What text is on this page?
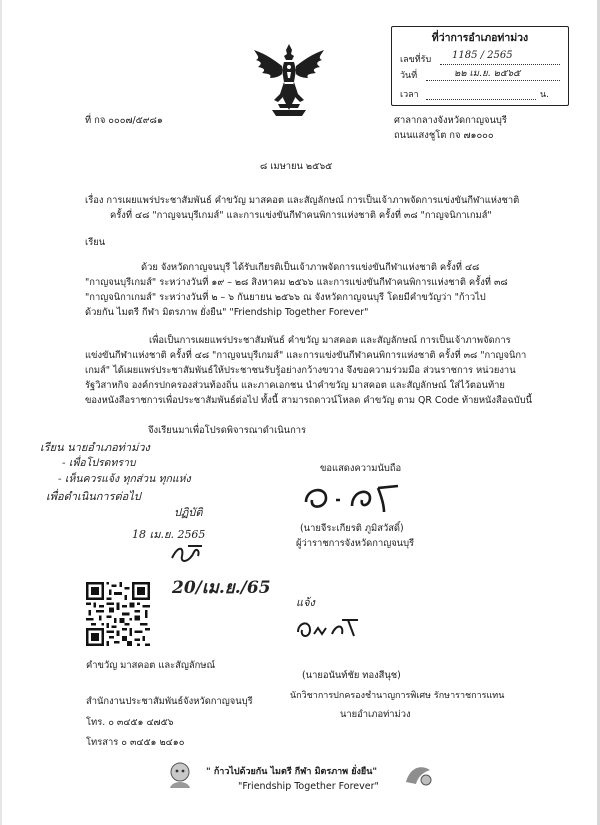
ที่ว่าการอำเภอท่าม่วง
เลขที่รับ 1185 / 2565
วันที่	๒๒ เม.ย. ๒๕๖๕
เวลา	น.
ที่ กจ ๐๐๐๗/๕๙๘๑	ศาลากลางจังหวัดกาญจนบุรี
ถนนแสงชูโต กจ ๗๑๐๐๐
๘ เมษายน ๒๕๖๕
เรื่อง การเผยแพร่ประชาสัมพันธ์ คำขวัญ มาสคอต และสัญลักษณ์ การเป็นเจ้าภาพจัดการแข่งขันกีฬาแห่งชาติ
ครั้งที่ ๔๘ "กาญจนบุรีเกมส์" และการแข่งขันกีฬาคนพิการแห่งชาติ ครั้งที่ ๓๘ "กาญจนิกาเกมส์"
เรียน
ด้วย จังหวัดกาญจนบุรี ได้รับเกียรติเป็นเจ้าภาพจัดการแข่งขันกีฬาแห่งชาติ ครั้งที่ ๔๘
"กาญจนบุรีเกมส์" ระหว่างวันที่ ๑๙ – ๒๘ สิงหาคม ๒๕๖๖ และการแข่งขันกีฬาคนพิการแห่งชาติ ครั้งที่ ๓๘
"กาญจนิกาเกมส์" ระหว่างวันที่ ๒ – ๖ กันยายน ๒๕๖๖ ณ จังหวัดกาญจนบุรี โดยมีคำขวัญว่า "ก้าวไป
ด้วยกัน ไมตรี กีฬา มิตรภาพ ยั่งยืน" "Friendship Together Forever"
เพื่อเป็นการเผยแพร่ประชาสัมพันธ์ คำขวัญ มาสคอต และสัญลักษณ์ การเป็นเจ้าภาพจัดการ
แข่งขันกีฬาแห่งชาติ ครั้งที่ ๔๘ "กาญจนบุรีเกมส์" และการแข่งขันกีฬาคนพิการแห่งชาติ ครั้งที่ ๓๘ "กาญจนิกา
เกมส์" ได้เผยแพร่ประชาสัมพันธ์ให้ประชาชนรับรู้อย่างกว้างขวาง จึงขอความร่วมมือ ส่วนราชการ หน่วยงาน
รัฐวิสาหกิจ องค์กรปกครองส่วนท้องถิ่น และภาคเอกชน นำคำขวัญ มาสคอต และสัญลักษณ์ ใส่ไว้ตอนท้าย
ของหนังสือราชการเพื่อประชาสัมพันธ์ต่อไป ทั้งนี้ สามารถดาวน์โหลด คำขวัญ ตาม QR Code ท้ายหนังสือฉบับนี้
จึงเรียนมาเพื่อโปรดพิจารณาดำเนินการ
เรียน นายอำเภอท่าม่วง
- เพื่อโปรดทราบ
- เห็นควรแจ้ง ทุกส่วน ทุกแห่ง
เพื่อดำเนินการต่อไป
ปฏิบัติ
18 เม.ย. 2565
20/เม.ย./65
ขอแสดงความนับถือ
(นายจีระเกียรติ ภูมิสวัสดิ์)
ผู้ว่าราชการจังหวัดกาญจนบุรี
แจ้ง
คำขวัญ มาสคอต และสัญลักษณ์
(นายอนันท์ชัย ทองสีนุช)
นักวิชาการปกครองชำนาญการพิเศษ รักษาราชการแทน
นายอำเภอท่าม่วง
สำนักงานประชาสัมพันธ์จังหวัดกาญจนบุรี
โทร. ๐ ๓๔๕๑ ๔๗๕๖
โทรสาร ๐ ๓๔๕๑ ๒๔๑๐
" ก้าวไปด้วยกัน ไมตรี กีฬา มิตรภาพ ยั่งยืน"
"Friendship Together Forever"
